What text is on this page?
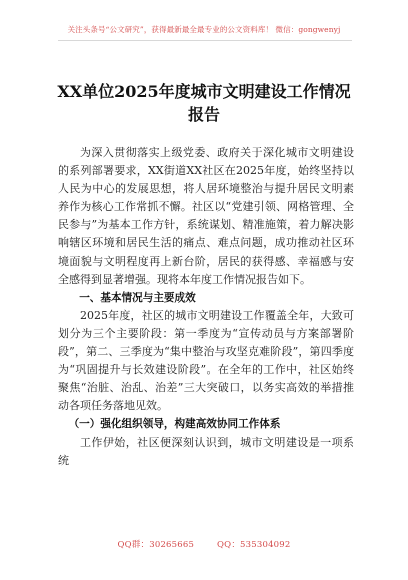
关注头条号“公文研究”，获得最新最全最专业的公文资料库！ 微信：gongwenyj
XX单位2025年度城市文明建设工作情况
报告

为深入贯彻落实上级党委、政府关于深化城市文明建设的系列部署要求，XX街道XX社区在2025年度，始终坚持以人民为中心的发展思想，将人居环境整治与提升居民文明素养作为核心工作常抓不懈。社区以“党建引领、网格管理、全民参与”为基本工作方针，系统谋划、精准施策，着力解决影响辖区环境和居民生活的痛点、难点问题，成功推动社区环境面貌与文明程度再上新台阶，居民的获得感、幸福感与安全感得到显著增强。现将本年度工作情况报告如下。

一、基本情况与主要成效

2025年度，社区的城市文明建设工作覆盖全年，大致可划分为三个主要阶段：第一季度为“宣传动员与方案部署阶段”，第二、三季度为“集中整治与攻坚克难阶段”，第四季度为“巩固提升与长效建设阶段”。在全年的工作中，社区始终聚焦“治脏、治乱、治差”三大突破口，以务实高效的举措推动各项任务落地见效。

（一）强化组织领导，构建高效协同工作体系

工作伊始，社区便深刻认识到，城市文明建设是一项系统

QQ群：30265665	QQ：535304092
